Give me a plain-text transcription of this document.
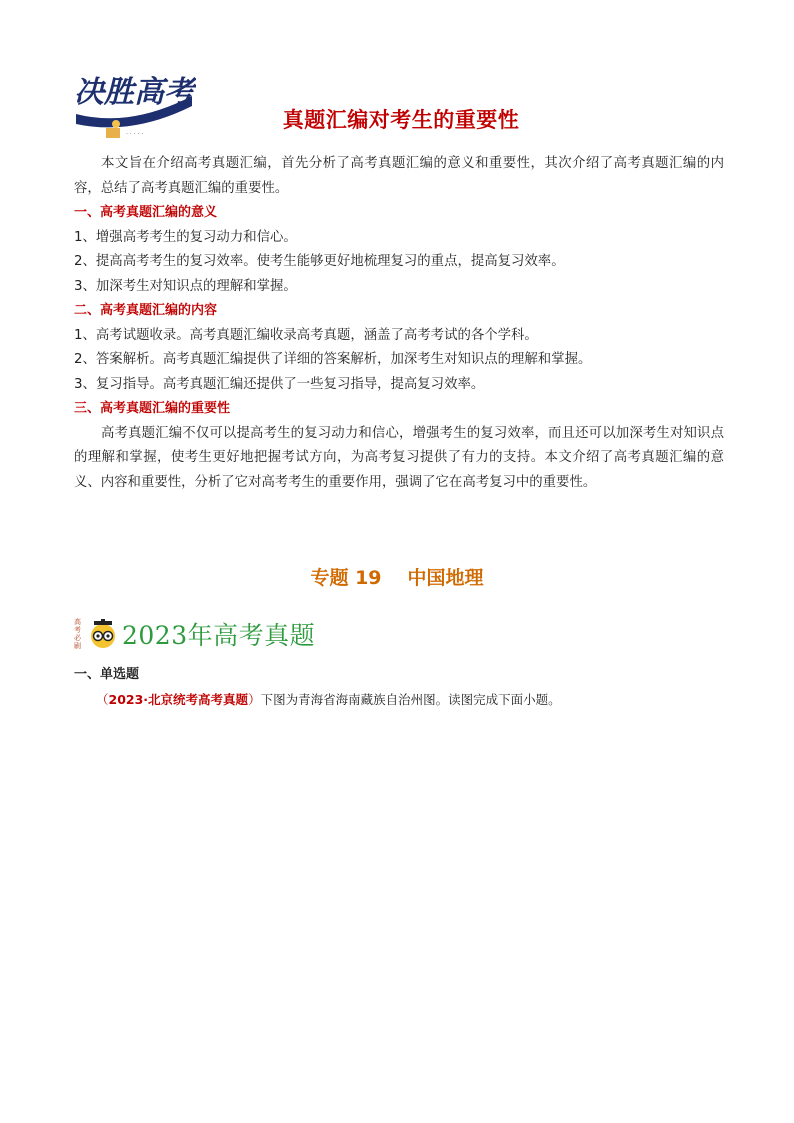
决胜高考
· · · · ·
真题汇编对考生的重要性

本文旨在介绍高考真题汇编，首先分析了高考真题汇编的意义和重要性，其次介绍了高考真题汇编的内容，总结了高考真题汇编的重要性。

一、高考真题汇编的意义

1、增强高考考生的复习动力和信心。

2、提高高考考生的复习效率。使考生能够更好地梳理复习的重点，提高复习效率。

3、加深考生对知识点的理解和掌握。

二、高考真题汇编的内容

1、高考试题收录。高考真题汇编收录高考真题，涵盖了高考考试的各个学科。

2、答案解析。高考真题汇编提供了详细的答案解析，加深考生对知识点的理解和掌握。

3、复习指导。高考真题汇编还提供了一些复习指导，提高复习效率。

三、高考真题汇编的重要性

高考真题汇编不仅可以提高考生的复习动力和信心，增强考生的复习效率，而且还可以加深考生对知识点的理解和掌握，使考生更好地把握考试方向，为高考复习提供了有力的支持。本文介绍了高考真题汇编的意义、内容和重要性，分析了它对高考考生的重要作用，强调了它在高考复习中的重要性。

专题 19 中国地理
高考必刷 2023年高考真题
一、单选题
（2023·北京统考高考真题）下图为青海省海南藏族自治州图。读图完成下面小题。
